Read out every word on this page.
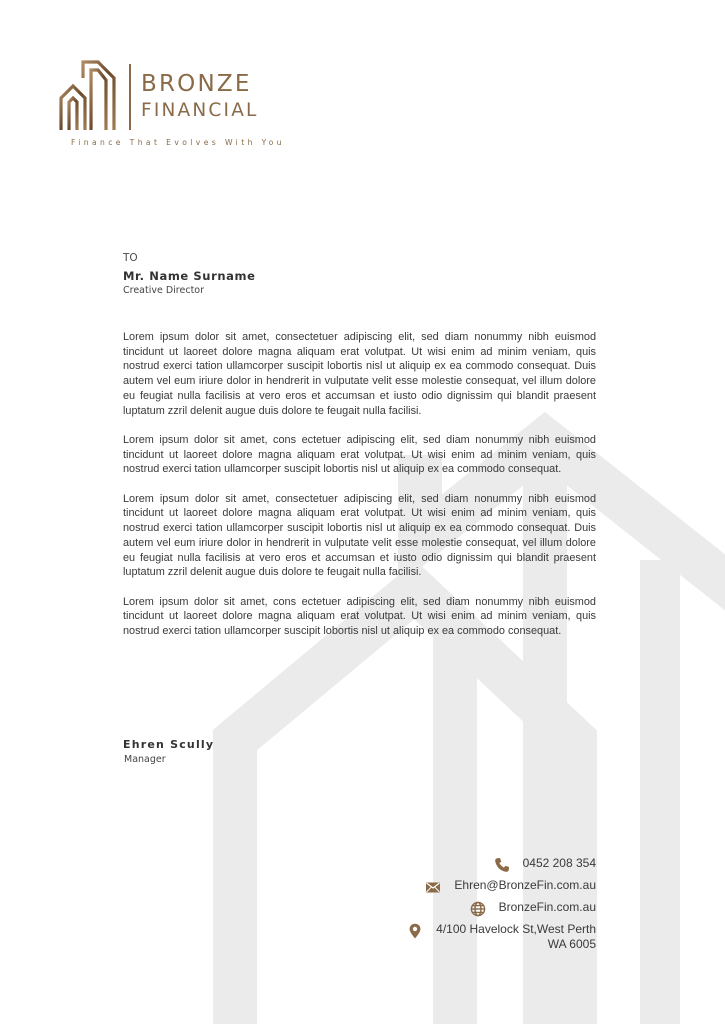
BRONZE

FINANCIAL

Finance That Evolves With You

TO

Mr. Name Surname

Creative Director

Lorem ipsum dolor sit amet, consectetuer adipiscing elit, sed diam nonummy nibh euismod tincidunt ut laoreet dolore magna aliquam erat volutpat. Ut wisi enim ad minim veniam, quis nostrud exerci tation ullamcorper suscipit lobortis nisl ut aliquip ex ea commodo consequat. Duis autem vel eum iriure dolor in hendrerit in vulputate velit esse molestie consequat, vel illum dolore eu feugiat nulla facilisis at vero eros et accumsan et iusto odio dignissim qui blandit praesent luptatum zzril delenit augue duis dolore te feugait nulla facilisi.

Lorem ipsum dolor sit amet, cons ectetuer adipiscing elit, sed diam nonummy nibh euismod tincidunt ut laoreet dolore magna aliquam erat volutpat. Ut wisi enim ad minim veniam, quis nostrud exerci tation ullamcorper suscipit lobortis nisl ut aliquip ex ea commodo consequat.

Lorem ipsum dolor sit amet, consectetuer adipiscing elit, sed diam nonummy nibh euismod tincidunt ut laoreet dolore magna aliquam erat volutpat. Ut wisi enim ad minim veniam, quis nostrud exerci tation ullamcorper suscipit lobortis nisl ut aliquip ex ea commodo consequat. Duis autem vel eum iriure dolor in hendrerit in vulputate velit esse molestie consequat, vel illum dolore eu feugiat nulla facilisis at vero eros et accumsan et iusto odio dignissim qui blandit praesent luptatum zzril delenit augue duis dolore te feugait nulla facilisi.

Lorem ipsum dolor sit amet, cons ectetuer adipiscing elit, sed diam nonummy nibh euismod tincidunt ut laoreet dolore magna aliquam erat volutpat. Ut wisi enim ad minim veniam, quis nostrud exerci tation ullamcorper suscipit lobortis nisl ut aliquip ex ea commodo consequat.

Ehren Scully

Manager

0452 208 354
Ehren@BronzeFin.com.au
BronzeFin.com.au
4/100 Havelock St,West Perth
WA 6005
